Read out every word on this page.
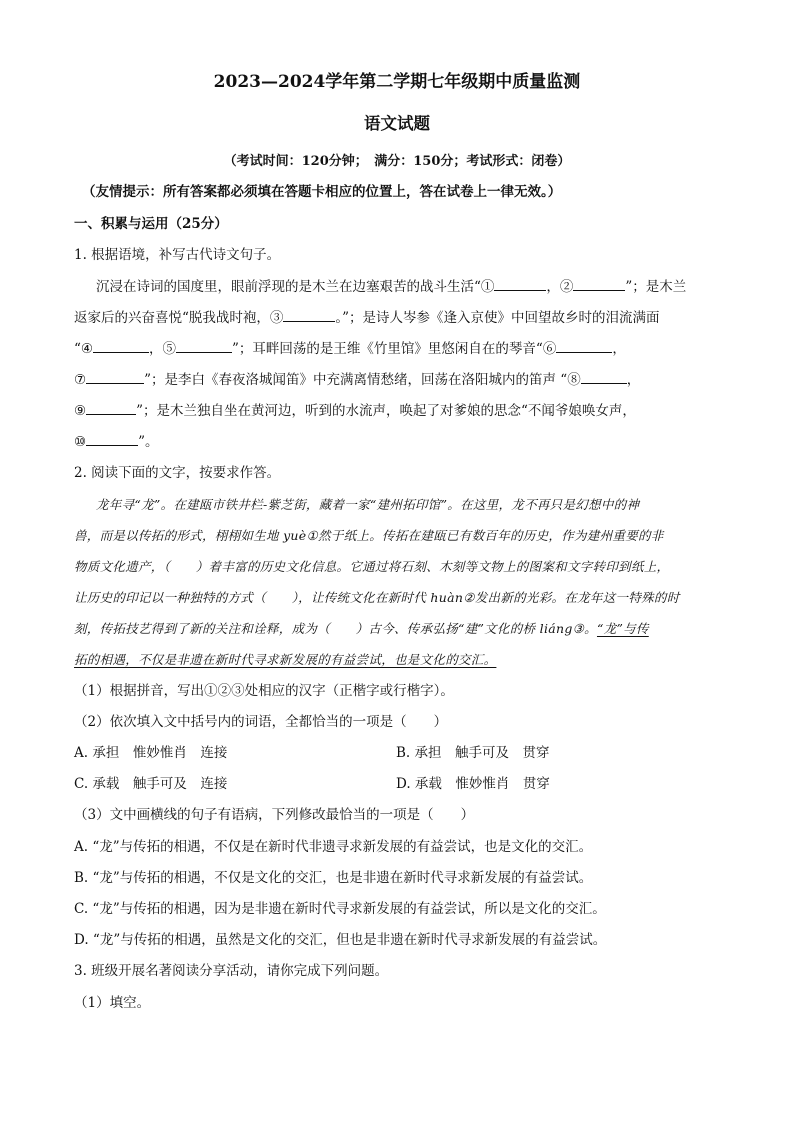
2023—2024学年第二学期七年级期中质量监测
语文试题
（考试时间：120分钟；　满分：150分；考试形式：闭卷）
（友情提示：所有答案都必须填在答题卡相应的位置上，答在试卷上一律无效。）
一、积累与运用（25分）
1. 根据语境，补写古代诗文句子。
沉浸在诗词的国度里，眼前浮现的是木兰在边塞艰苦的战斗生活“①	，②	”；是木兰
返家后的兴奋喜悦“脱我战时袍，③	。”；是诗人岑参《逢入京使》中回望故乡时的泪流满面
“④	，⑤	”；耳畔回荡的是王维《竹里馆》里悠闲自在的琴音“⑥	，
⑦	”；是李白《春夜洛城闻笛》中充满离情愁绪，回荡在洛阳城内的笛声 “⑧	，
⑨	”；是木兰独自坐在黄河边，听到的水流声，唤起了对爹娘的思念“不闻爷娘唤女声，
⑩	”。
2. 阅读下面的文字，按要求作答。
龙年寻“龙”。在建瓯市铁井栏-紫芝街，藏着一家“建州拓印馆”。在这里，龙不再只是幻想中的神
兽，而是以传拓的形式，栩栩如生地 yuè①然于纸上。传拓在建瓯已有数百年的历史，作为建州重要的非
物质文化遗产，（　　）着丰富的历史文化信息。它通过将石刻、木刻等文物上的图案和文字转印到纸上，
让历史的印记以一种独特的方式（　　），让传统文化在新时代 huàn②发出新的光彩。在龙年这一特殊的时
刻，传拓技艺得到了新的关注和诠释，成为（　　）古今、传承弘扬“建”文化的桥 liáng③。“龙”与传
拓的相遇，不仅是非遗在新时代寻求新发展的有益尝试，也是文化的交汇。
（1）根据拼音，写出①②③处相应的汉字（正楷字或行楷字）。
（2）依次填入文中括号内的词语，全都恰当的一项是（　　）
A. 承担　惟妙惟肖　连接	B. 承担　触手可及　贯穿
C. 承载　触手可及　连接	D. 承载　惟妙惟肖　贯穿
（3）文中画横线的句子有语病，下列修改最恰当的一项是（　　）
A. “龙”与传拓的相遇，不仅是在新时代非遗寻求新发展的有益尝试，也是文化的交汇。
B. “龙”与传拓的相遇，不仅是文化的交汇，也是非遗在新时代寻求新发展的有益尝试。
C. “龙”与传拓的相遇，因为是非遗在新时代寻求新发展的有益尝试，所以是文化的交汇。
D. “龙”与传拓的相遇，虽然是文化的交汇，但也是非遗在新时代寻求新发展的有益尝试。
3. 班级开展名著阅读分享活动，请你完成下列问题。
（1）填空。
